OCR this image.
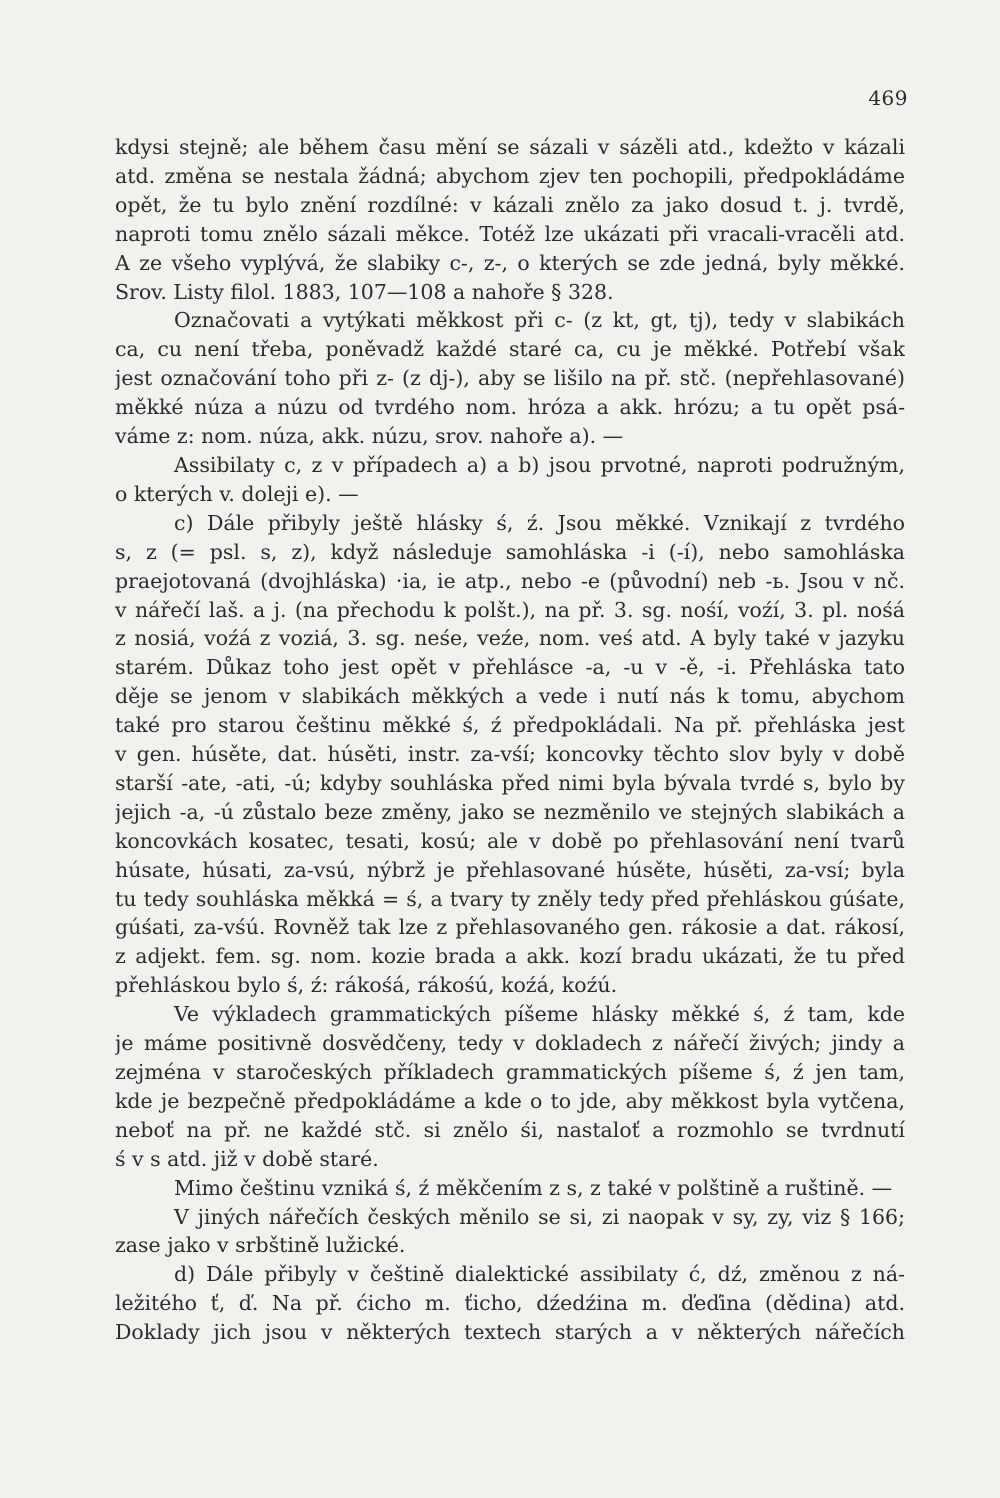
469
kdysi stejně; ale během času mění se sázali v sázěli atd., kdežto v kázali
atd. změna se nestala žádná; abychom zjev ten pochopili, předpokládáme
opět, že tu bylo znění rozdílné: v kázali znělo za jako dosud t. j. tvrdě,
naproti tomu znělo sázali měkce. Totéž lze ukázati při vracali-vracěli atd.
A ze všeho vyplývá, že slabiky c-, z-, o kterých se zde jedná, byly měkké.
Srov. Listy filol. 1883, 107—108 a nahoře § 328.
Označovati a vytýkati měkkost při c- (z kt, gt, tj), tedy v slabikách
ca, cu není třeba, poněvadž každé staré ca, cu je měkké. Potřebí však
jest označování toho při z- (z dj-), aby se lišilo na př. stč. (nepřehlasované)
měkké núza a núzu od tvrdého nom. hróza a akk. hrózu; a tu opět psá-
váme z: nom. núza, akk. núzu, srov. nahoře a). —
Assibilaty c, z v případech a) a b) jsou prvotné, naproti podružným,
o kterých v. doleji e). —
c) Dále přibyly ještě hlásky ś, ź. Jsou měkké. Vznikají z tvrdého
s, z (= psl. s, z), když následuje samohláska -i (-í), nebo samohláska
praejotovaná (dvojhláska) ·ia, ie atp., nebo -e (původní) neb -ь. Jsou v nč.
v nářečí laš. a j. (na přechodu k polšt.), na př. 3. sg. nośí, voźí, 3. pl. nośá
z nosiá, voźá z voziá, 3. sg. neśe, veźe, nom. veś atd. A byly také v jazyku
starém. Důkaz toho jest opět v přehlásce -a, -u v -ě, -i. Přehláska tato
děje se jenom v slabikách měkkých a vede i nutí nás k tomu, abychom
také pro starou češtinu měkké ś, ź předpokládali. Na př. přehláska jest
v gen. húsěte, dat. húsěti, instr. za-vśí; koncovky těchto slov byly v době
starší -ate, -ati, -ú; kdyby souhláska před nimi byla bývala tvrdé s, bylo by
jejich -a, -ú zůstalo beze změny, jako se nezměnilo ve stejných slabikách a
koncovkách kosatec, tesati, kosú; ale v době po přehlasování není tvarů
húsate, húsati, za-vsú, nýbrž je přehlasované húsěte, húsěti, za-vsí; byla
tu tedy souhláska měkká = ś, a tvary ty zněly tedy před přehláskou gúśate,
gúśati, za-vśú. Rovněž tak lze z přehlasovaného gen. rákosie a dat. rákosí,
z adjekt. fem. sg. nom. kozie brada a akk. kozí bradu ukázati, že tu před
přehláskou bylo ś, ź: rákośá, rákośú, koźá, koźú.
Ve výkladech grammatických píšeme hlásky měkké ś, ź tam, kde
je máme positivně dosvědčeny, tedy v dokladech z nářečí živých; jindy a
zejména v staročeských příkladech grammatických píšeme ś, ź jen tam,
kde je bezpečně předpokládáme a kde o to jde, aby měkkost byla vytčena,
neboť na př. ne každé stč. si znělo śi, nastaloť a rozmohlo se tvrdnutí
ś v s atd. již v době staré.
Mimo češtinu vzniká ś, ź měkčením z s, z také v polštině a ruštině. —
V jiných nářečích českých měnilo se si, zi naopak v sy, zy, viz § 166;
zase jako v srbštině lužické.
d) Dále přibyly v češtině dialektické assibilaty ć, dź, změnou z ná-
ležitého ť, ď. Na př. ćicho m. ťicho, dźedźina m. ďeďina (dědina) atd.
Doklady jich jsou v některých textech starých a v některých nářečích
